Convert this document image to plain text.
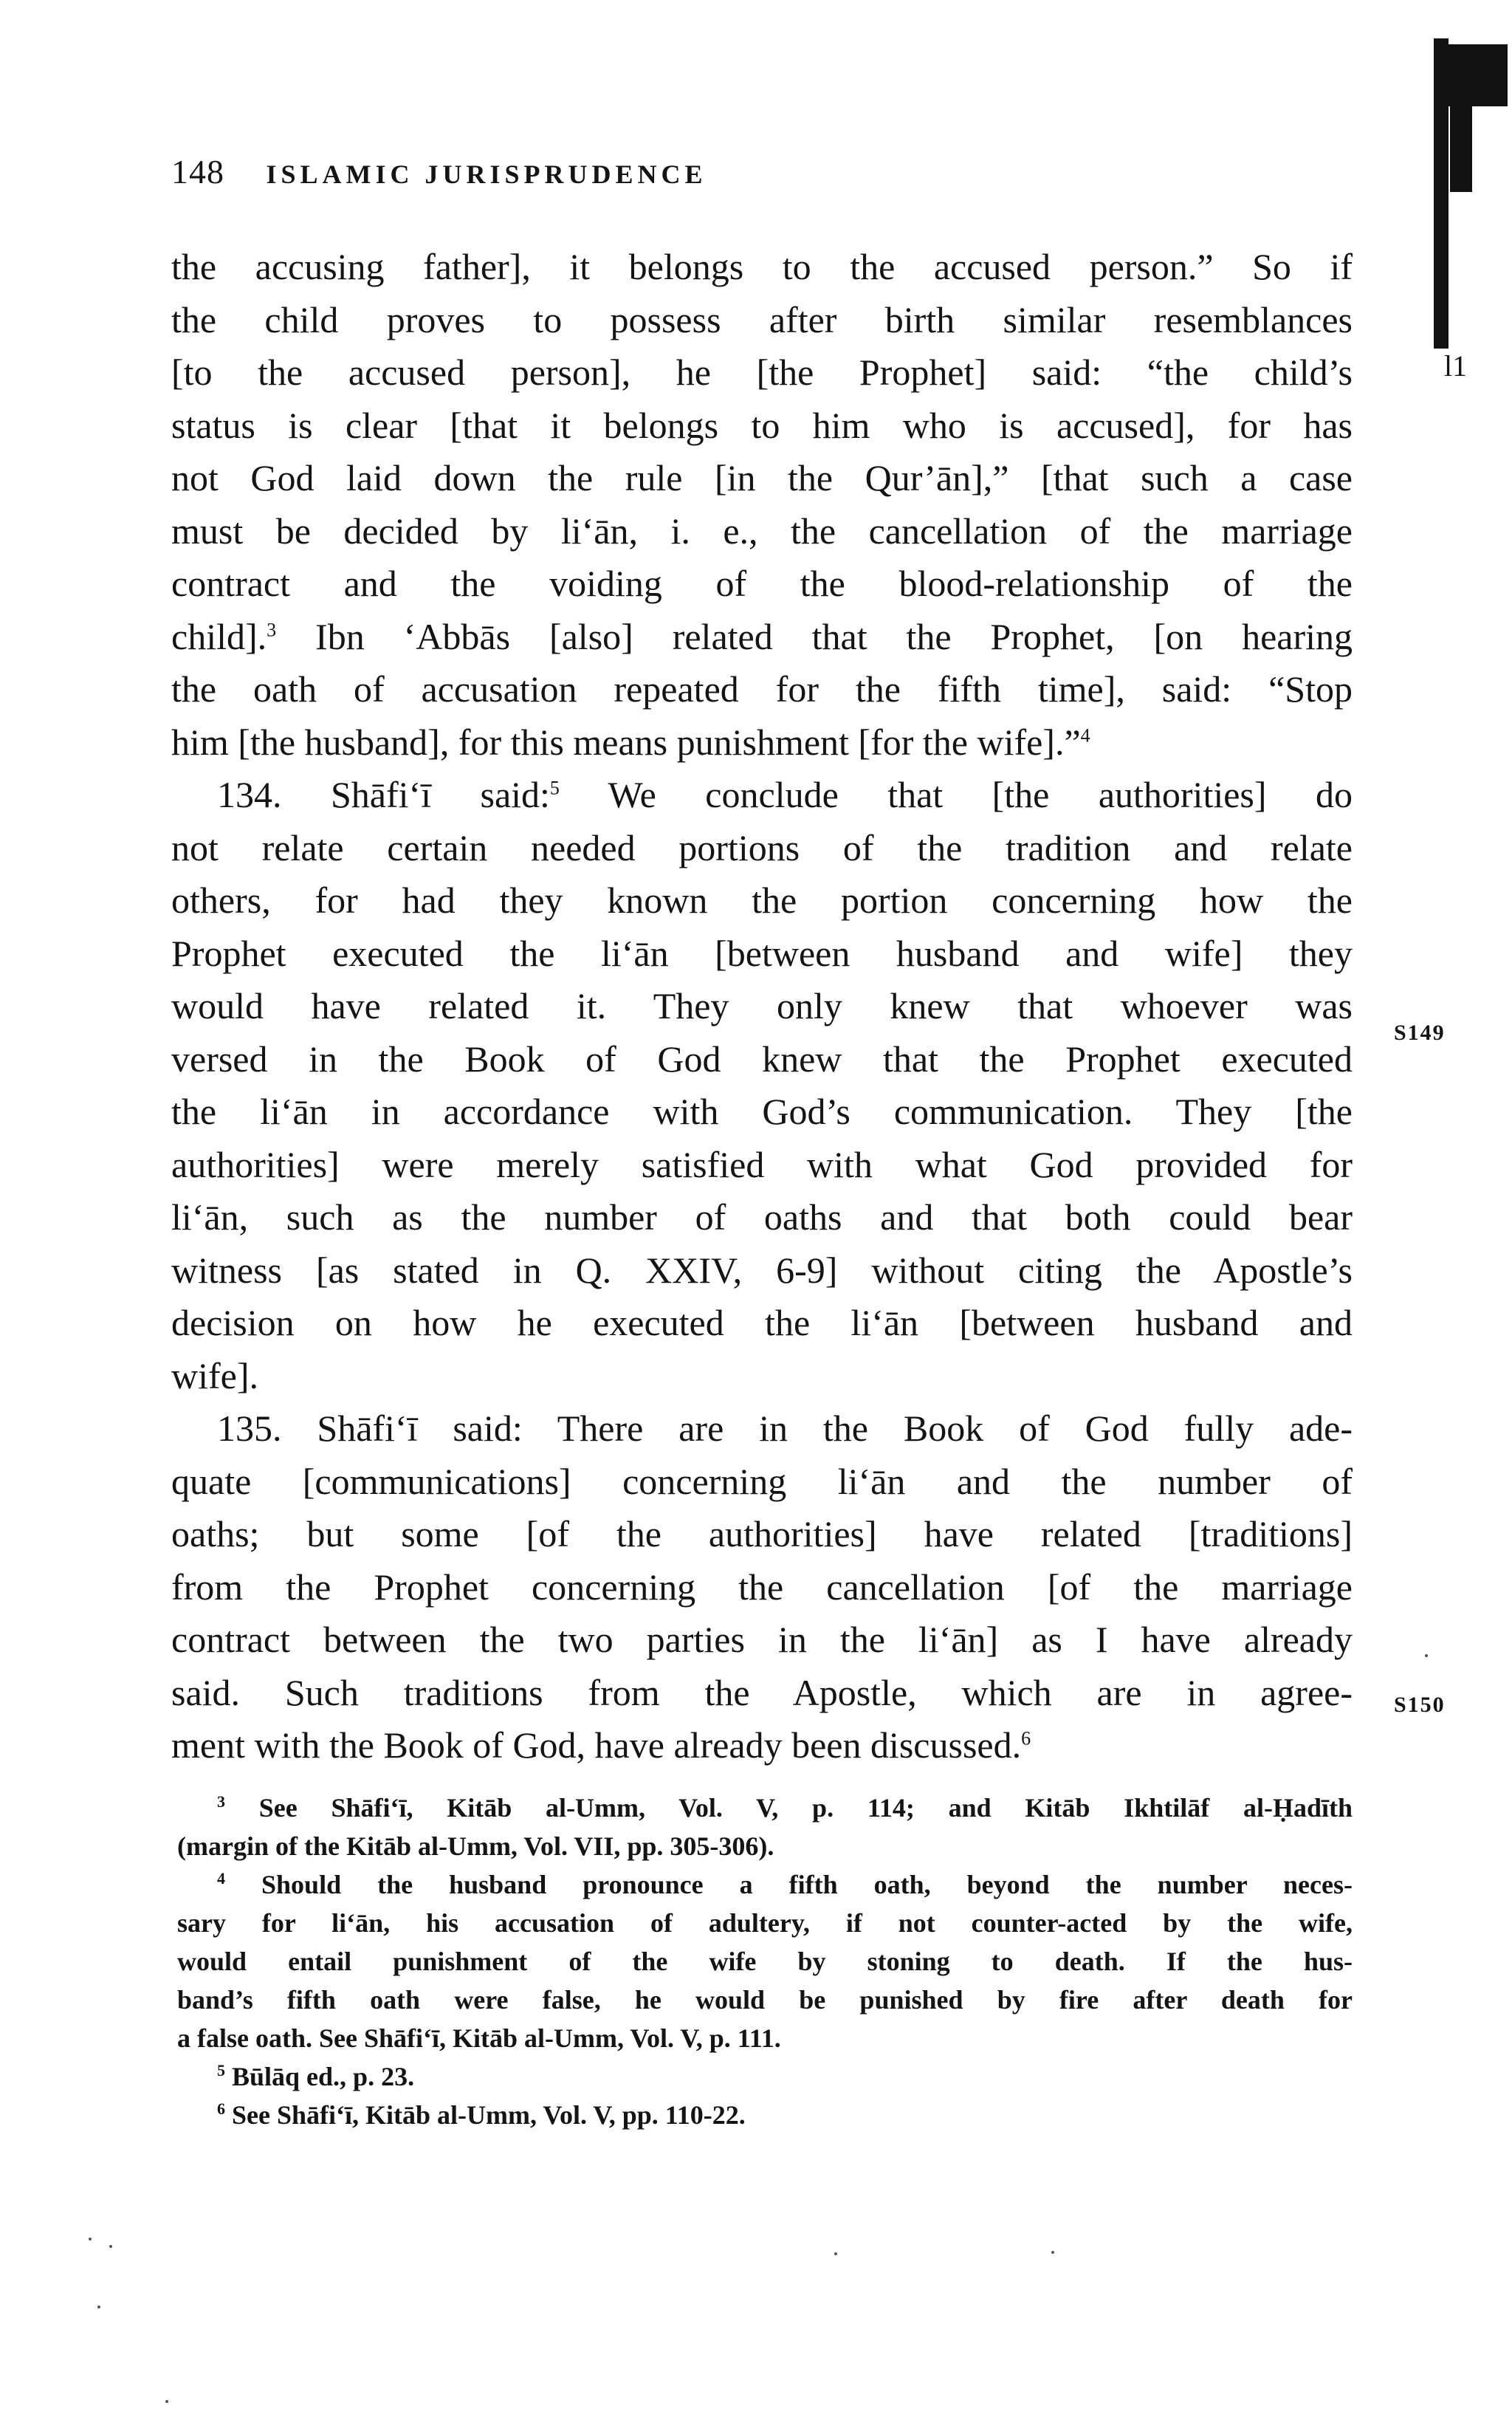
l1
148 ISLAMIC JURISPRUDENCE
the accusing father], it belongs to the accused person.” So if
the child proves to possess after birth similar resemblances
[to the accused person], he [the Prophet] said: “the child’s
status is clear [that it belongs to him who is accused], for has
not God laid down the rule [in the Qur’ān],” [that such a case
must be decided by li‘ān, i. e., the cancellation of the marriage
contract and the voiding of the blood-relationship of the
child].$^3$ Ibn ‘Abbās [also] related that the Prophet, [on hearing
the oath of accusation repeated for the fifth time], said: “Stop
him [the husband], for this means punishment [for the wife].”$^4$
134. Shāfi‘ī said:$^5$ We conclude that [the authorities] do
not relate certain needed portions of the tradition and relate
others, for had they known the portion concerning how the
Prophet executed the li‘ān [between husband and wife] they
would have related it. They only knew that whoever was
versed in the Book of God knew that the Prophet executed
the li‘ān in accordance with God’s communication. They [the
authorities] were merely satisfied with what God provided for
li‘ān, such as the number of oaths and that both could bear
witness [as stated in Q. XXIV, 6-9] without citing the Apostle’s
decision on how he executed the li‘ān [between husband and
wife].
135. Shāfi‘ī said: There are in the Book of God fully ade-
quate [communications] concerning li‘ān and the number of
oaths; but some [of the authorities] have related [traditions]
from the Prophet concerning the cancellation [of the marriage
contract between the two parties in the li‘ān] as I have already
said. Such traditions from the Apostle, which are in agree-
ment with the Book of God, have already been discussed.$^6$
S149
S150
$^3$ See Shāfi‘ī, Kitāb al-Umm, Vol. V, p. 114; and Kitāb Ikhtilāf al-Ḥadīth
(margin of the Kitāb al-Umm, Vol. VII, pp. 305-306).
$^4$ Should the husband pronounce a fifth oath, beyond the number neces-
sary for li‘ān, his accusation of adultery, if not counter-acted by the wife,
would entail punishment of the wife by stoning to death. If the hus-
band’s fifth oath were false, he would be punished by fire after death for
a false oath. See Shāfi‘ī, Kitāb al-Umm, Vol. V, p. 111.
$^5$ Būlāq ed., p. 23.
$^6$ See Shāfi‘ī, Kitāb al-Umm, Vol. V, pp. 110-22.
